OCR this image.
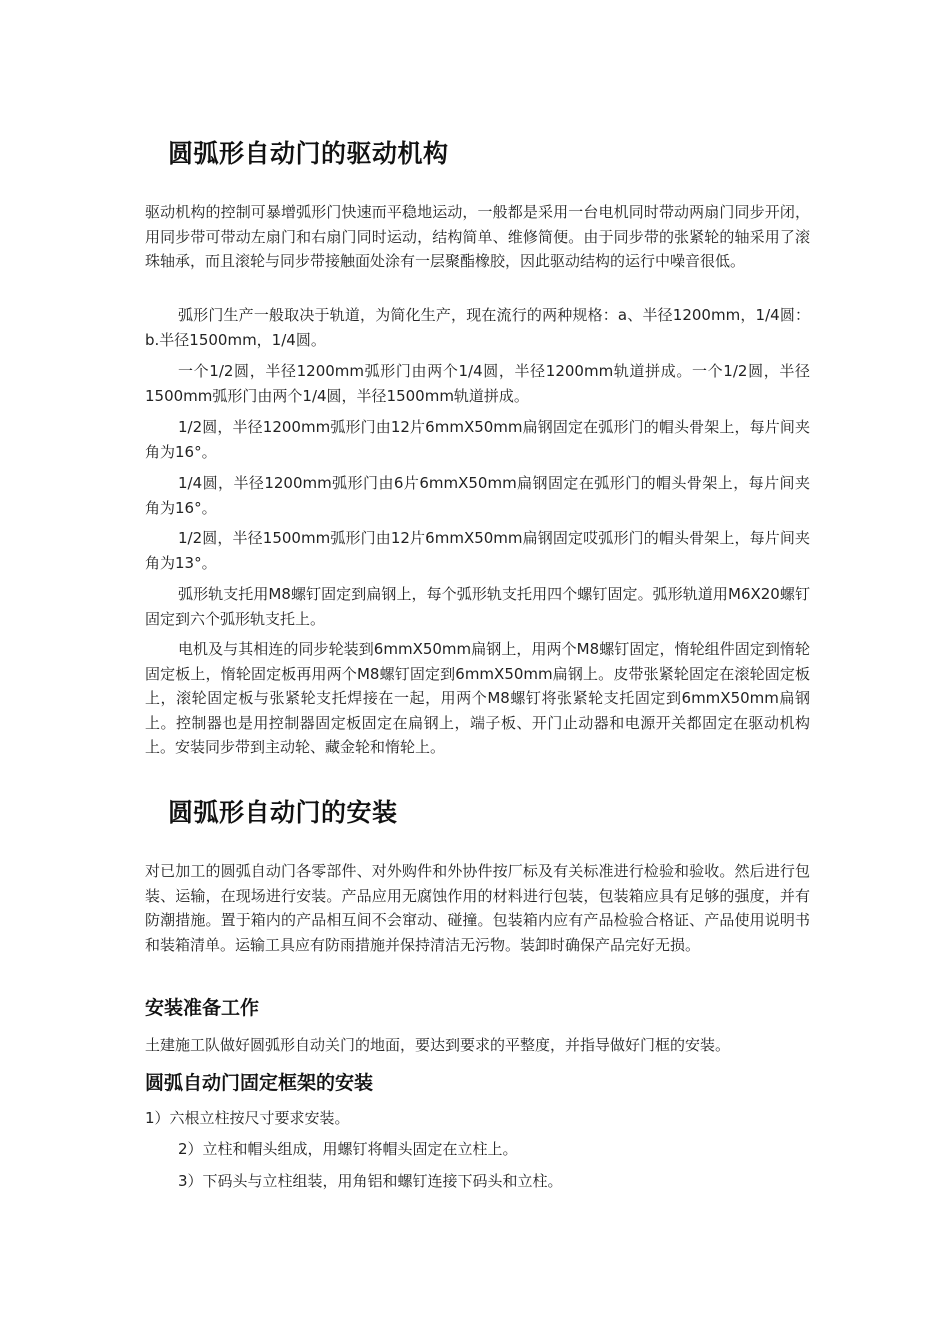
圆弧形自动门的驱动机构

驱动机构的控制可暴增弧形门快速而平稳地运动，一般都是采用一台电机同时带动两扇门同步开闭，用同步带可带动左扇门和右扇门同时运动，结构简单、维修简便。由于同步带的张紧轮的轴采用了滚珠轴承，而且滚轮与同步带接触面处涂有一层聚酯橡胶，因此驱动结构的运行中噪音很低。

弧形门生产一般取决于轨道，为简化生产，现在流行的两种规格：a、半径1200mm，1/4圆：b.半径1500mm，1/4圆。

一个1/2圆，半径1200mm弧形门由两个1/4圆，半径1200mm轨道拼成。一个1/2圆，半径1500mm弧形门由两个1/4圆，半径1500mm轨道拼成。

1/2圆，半径1200mm弧形门由12片6mmX50mm扁钢固定在弧形门的帽头骨架上，每片间夹角为16°。

1/4圆，半径1200mm弧形门由6片6mmX50mm扁钢固定在弧形门的帽头骨架上，每片间夹角为16°。

1/2圆，半径1500mm弧形门由12片6mmX50mm扁钢固定哎弧形门的帽头骨架上，每片间夹角为13°。

弧形轨支托用M8螺钉固定到扁钢上，每个弧形轨支托用四个螺钉固定。弧形轨道用M6X20螺钉固定到六个弧形轨支托上。

电机及与其相连的同步轮装到6mmX50mm扁钢上，用两个M8螺钉固定，惰轮组件固定到惰轮固定板上，惰轮固定板再用两个M8螺钉固定到6mmX50mm扁钢上。皮带张紧轮固定在滚轮固定板上，滚轮固定板与张紧轮支托焊接在一起，用两个M8螺钉将张紧轮支托固定到6mmX50mm扁钢上。控制器也是用控制器固定板固定在扁钢上，端子板、开门止动器和电源开关都固定在驱动机构上。安装同步带到主动轮、藏金轮和惰轮上。

圆弧形自动门的安装

对已加工的圆弧自动门各零部件、对外购件和外协件按厂标及有关标准进行检验和验收。然后进行包装、运输，在现场进行安装。产品应用无腐蚀作用的材料进行包装，包装箱应具有足够的强度，并有防潮措施。置于箱内的产品相互间不会窜动、碰撞。包装箱内应有产品检验合格证、产品使用说明书和装箱清单。运输工具应有防雨措施并保持清洁无污物。装卸时确保产品完好无损。

安装准备工作

土建施工队做好圆弧形自动关门的地面，要达到要求的平整度，并指导做好门框的安装。

圆弧自动门固定框架的安装
1）六根立柱按尺寸要求安装。
2）立柱和帽头组成，用螺钉将帽头固定在立柱上。
3）下码头与立柱组装，用角铝和螺钉连接下码头和立柱。
